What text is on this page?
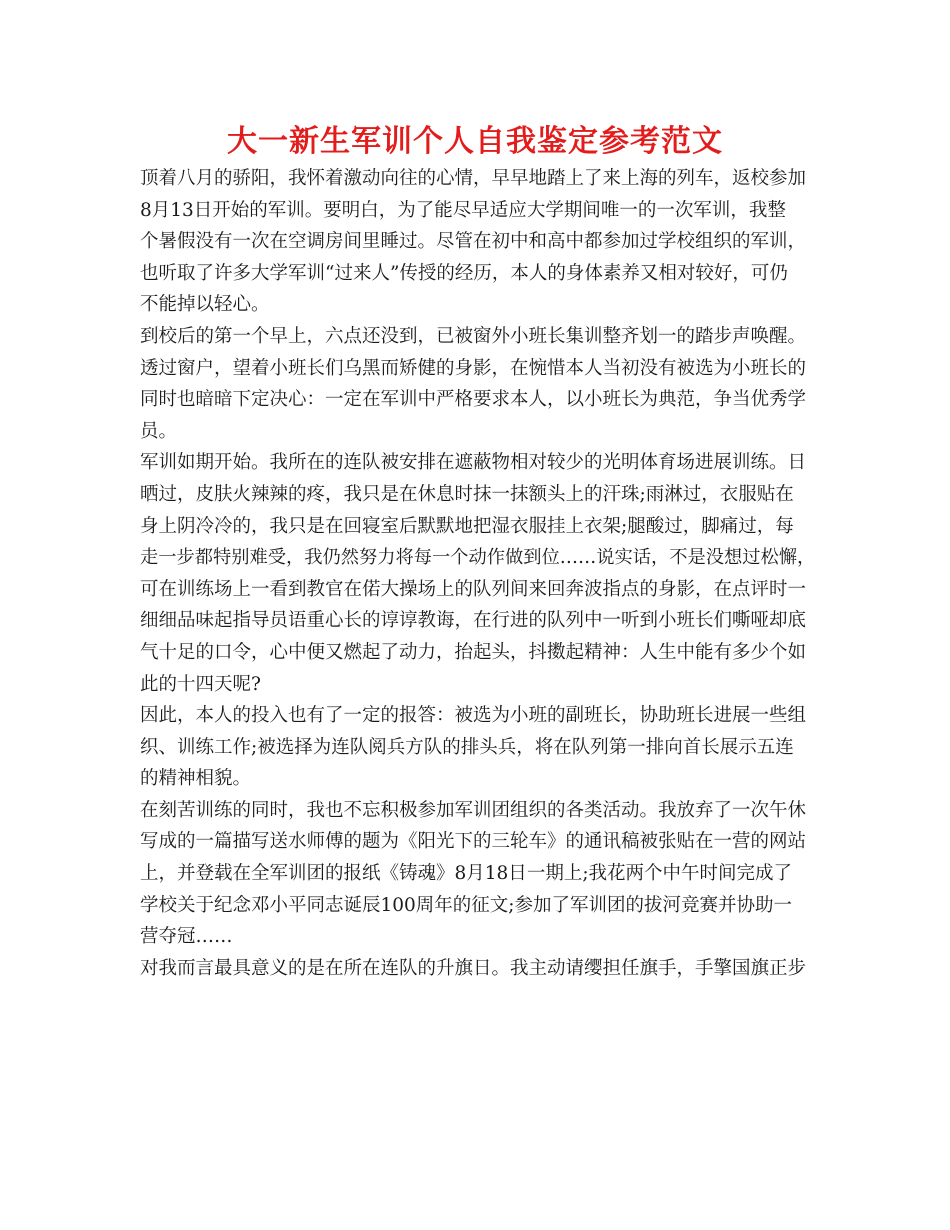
大一新生军训个人自我鉴定参考范文

顶着八月的骄阳，我怀着激动向往的心情，早早地踏上了来上海的列车，返校参加
8月13日开始的军训。要明白，为了能尽早适应大学期间唯一的一次军训，我整
个暑假没有一次在空调房间里睡过。尽管在初中和高中都参加过学校组织的军训，
也听取了许多大学军训“过来人”传授的经历，本人的身体素养又相对较好，可仍
不能掉以轻心。

到校后的第一个早上，六点还没到，已被窗外小班长集训整齐划一的踏步声唤醒。
透过窗户，望着小班长们乌黑而矫健的身影，在惋惜本人当初没有被选为小班长的
同时也暗暗下定决心：一定在军训中严格要求本人，以小班长为典范，争当优秀学
员。

军训如期开始。我所在的连队被安排在遮蔽物相对较少的光明体育场进展训练。日
晒过，皮肤火辣辣的疼，我只是在休息时抹一抹额头上的汗珠;雨淋过，衣服贴在
身上阴冷冷的，我只是在回寝室后默默地把湿衣服挂上衣架;腿酸过，脚痛过，每
走一步都特别难受，我仍然努力将每一个动作做到位……说实话，不是没想过松懈，
可在训练场上一看到教官在偌大操场上的队列间来回奔波指点的身影，在点评时一
细细品味起指导员语重心长的谆谆教诲，在行进的队列中一听到小班长们嘶哑却底
气十足的口令，心中便又燃起了动力，抬起头，抖擞起精神：人生中能有多少个如
此的十四天呢?

因此，本人的投入也有了一定的报答：被选为小班的副班长，协助班长进展一些组
织、训练工作;被选择为连队阅兵方队的排头兵，将在队列第一排向首长展示五连
的精神相貌。

在刻苦训练的同时，我也不忘积极参加军训团组织的各类活动。我放弃了一次午休
写成的一篇描写送水师傅的题为《阳光下的三轮车》的通讯稿被张贴在一营的网站
上，并登载在全军训团的报纸《铸魂》8月18日一期上;我花两个中午时间完成了
学校关于纪念邓小平同志诞辰100周年的征文;参加了军训团的拔河竞赛并协助一
营夺冠……

对我而言最具意义的是在所在连队的升旗日。我主动请缨担任旗手，手擎国旗正步
